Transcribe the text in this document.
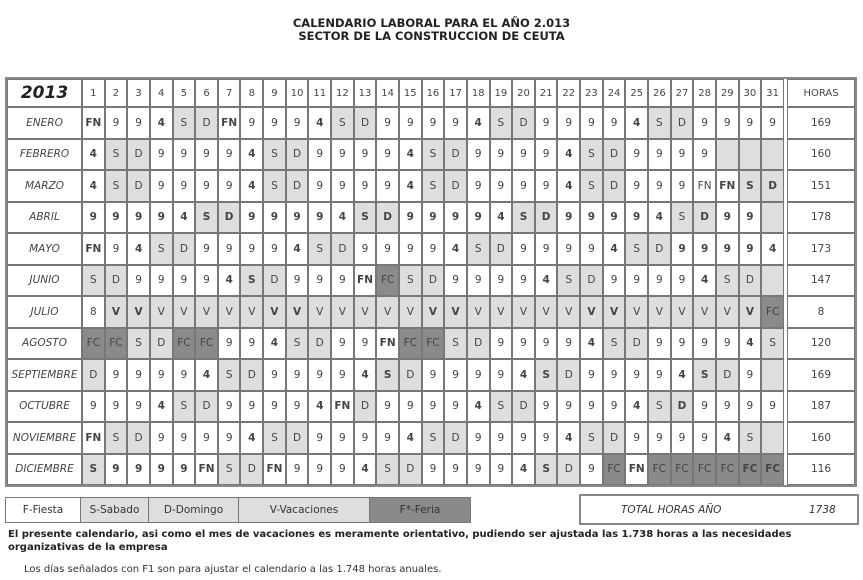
CALENDARIO LABORAL PARA EL AÑO 2.013
SECTOR DE LA CONSTRUCCION DE CEUTA
2013	1	2	3	4	5	6	7	8	9	10	11	12	13	14	15	16	17	18	19	20	21	22	23	24	25	26	27	28	29	30	31		HORAS
ENERO	FN	9	9	4	S	D	FN	9	9	9	4	S	D	9	9	9	9	4	S	D	9	9	9	9	4	S	D	9	9	9	9		169
FEBRERO	4	S	D	9	9	9	9	4	S	D	9	9	9	9	4	S	D	9	9	9	9	4	S	D	9	9	9	9					160
MARZO	4	S	D	9	9	9	9	4	S	D	9	9	9	9	4	S	D	9	9	9	9	4	S	D	9	9	9	FN	FN	S	D		151
ABRIL	9	9	9	9	4	S	D	9	9	9	9	4	S	D	9	9	9	9	4	S	D	9	9	9	9	4	S	D	9	9			178
MAYO	FN	9	4	S	D	9	9	9	9	4	S	D	9	9	9	9	4	S	D	9	9	9	9	4	S	D	9	9	9	9	4		173
JUNIO	S	D	9	9	9	9	4	S	D	9	9	9	FN	FC	S	D	9	9	9	9	4	S	D	9	9	9	9	4	S	D			147
JULIO	8	V	V	V	V	V	V	V	V	V	V	V	V	V	V	V	V	V	V	V	V	V	V	V	V	V	V	V	V	V	FC		8
AGOSTO	FC	FC	S	D	FC	FC	9	9	4	S	D	9	9	FN	FC	FC	S	D	9	9	9	9	4	S	D	9	9	9	9	4	S		120
SEPTIEMBRE	D	9	9	9	9	4	S	D	9	9	9	9	4	S	D	9	9	9	9	4	S	D	9	9	9	9	4	S	D	9			169
OCTUBRE	9	9	9	4	S	D	9	9	9	9	4	FN	D	9	9	9	9	4	S	D	9	9	9	9	4	S	D	9	9	9	9		187
NOVIEMBRE	FN	S	D	9	9	9	9	4	S	D	9	9	9	9	4	S	D	9	9	9	9	4	S	D	9	9	9	9	4	S			160
DICIEMBRE	S	9	9	9	9	FN	S	D	FN	9	9	9	4	S	D	9	9	9	9	4	S	D	9	FC	FN	FC	FC	FC	FC	FC	FC		116
F-Fiesta	S-Sabado	D-Domingo	V-Vacaciones	F*-Feria	TOTAL HORAS AÑO	1738
El presente calendario, asi como el mes de vacaciones es meramente orientativo, pudiendo ser ajustada las 1.738 horas a las necesidades organizativas de la empresa
Los días señalados con F1 son para ajustar el calendario a las 1.748 horas anuales.
